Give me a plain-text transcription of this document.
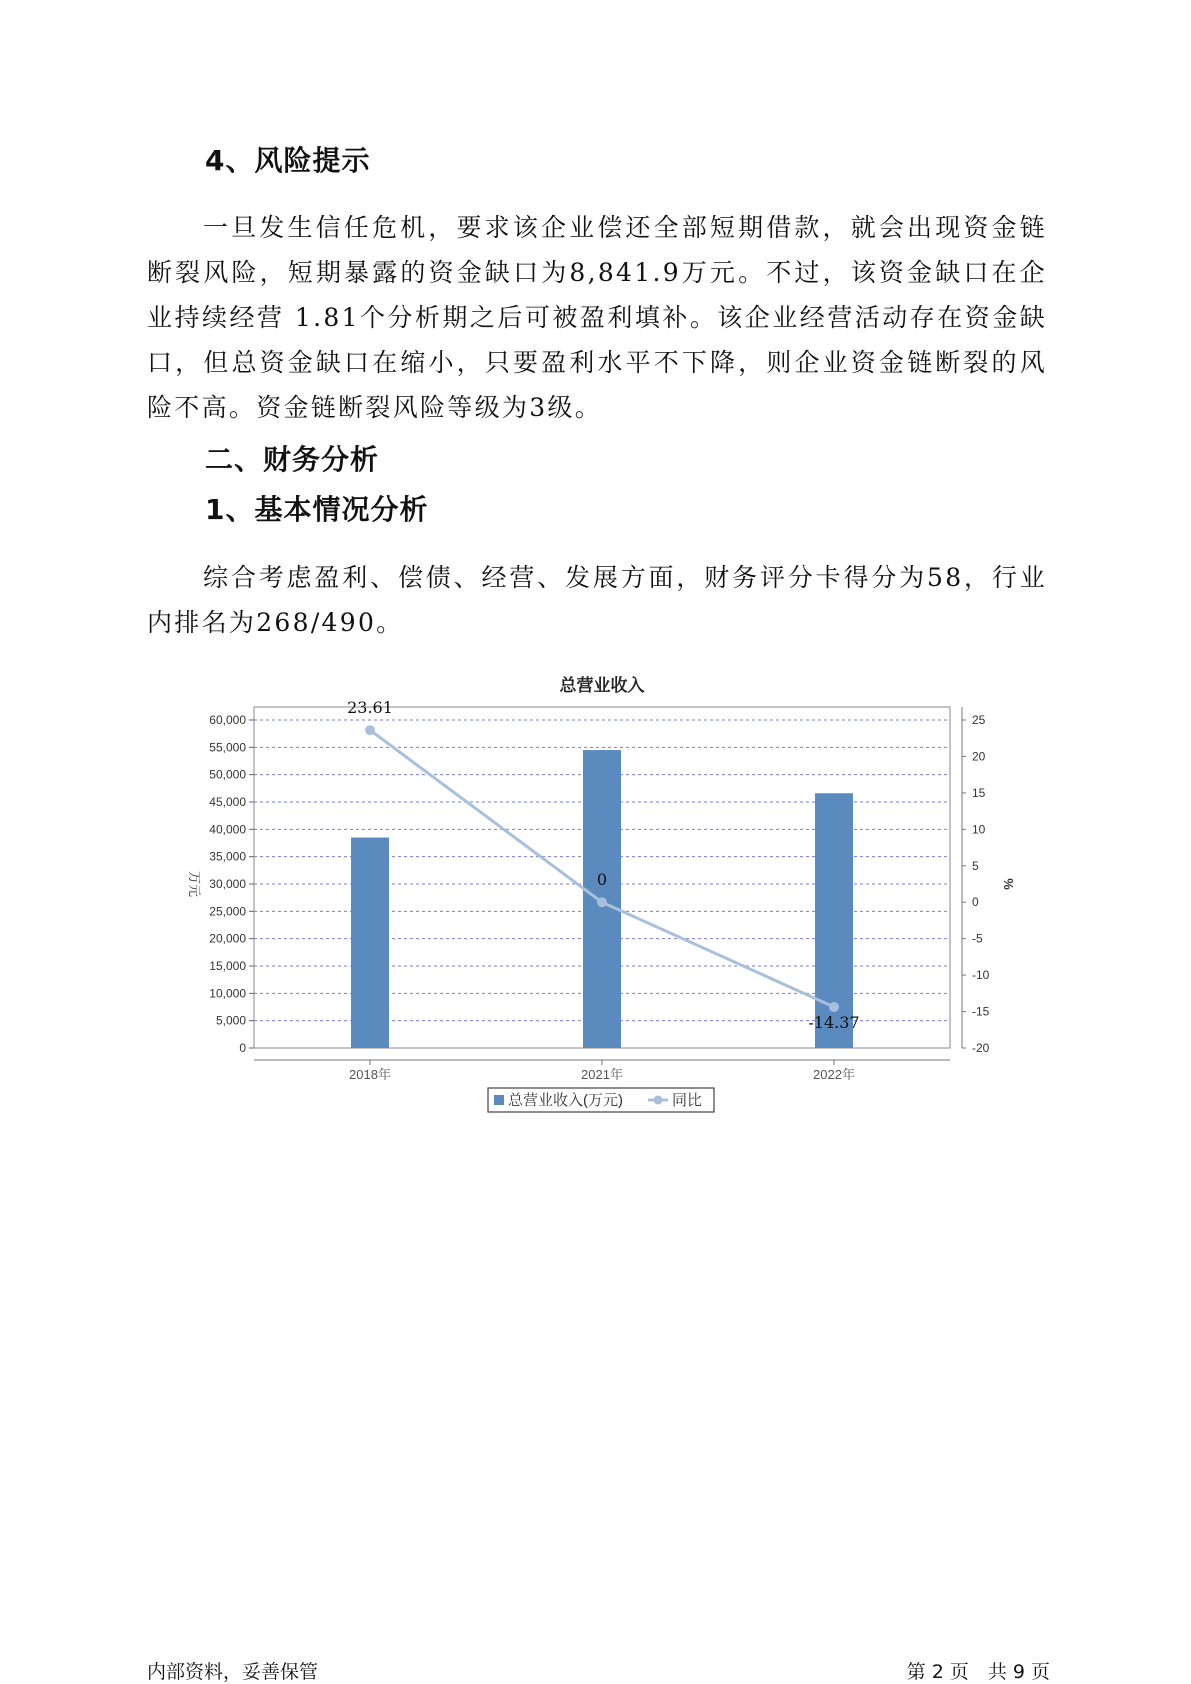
4、风险提示

一旦发生信任危机，要求该企业偿还全部短期借款，就会出现资金链断裂风险，短期暴露的资金缺口为8,841.9万元。不过，该资金缺口在企业持续经营 1.81个分析期之后可被盈利填补。该企业经营活动存在资金缺口，但总资金缺口在缩小，只要盈利水平不下降，则企业资金链断裂的风险不高。资金链断裂风险等级为3级。

二、财务分析
1、基本情况分析

综合考虑盈利、偿债、经营、发展方面，财务评分卡得分为58，行业内排名为268/490。

总营业收入
0
5,000
10,000
15,000
20,000
25,000
30,000
35,000
40,000
45,000
50,000
55,000
60,000
-20
-15
-10
-5
0
5
10
15
20
25
万元	%
2018年	2021年	2022年
23.61
0
-14.37
总营业收入(万元)	同比
内部资料，妥善保管	第 2 页　共 9 页
